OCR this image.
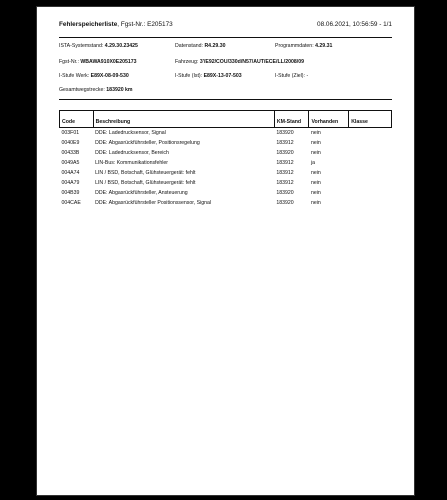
Fehlerspeicherliste, Fgst-Nr.: E205173	08.06.2021, 10:56:59 - 1/1
ISTA-Systemstand: 4.29.30.23425	Datenstand: R4.29.30	Programmdaten: 4.29.31
Fgst-Nr.: WBAWA910X0E205173	Fahrzeug: 3'/E92/COU/330d/N57/AUT/ECE/LL/2008/09
I-Stufe Werk: E89X-08-09-530	I-Stufe (Ist): E89X-13-07-503	I-Stufe (Ziel): -
Gesamtwegstrecke: 183920 km
Code	Beschreibung	KM-Stand	Vorhanden	Klasse
003F01	DDE: Ladedrucksensor, Signal	183920	nein	
0040E9	DDE: Abgasrückführsteller, Positionsregelung	183912	nein	
00433B	DDE: Ladedrucksensor, Bereich	183920	nein	
0049A5	LIN-Bus: Kommunikationsfehler	183912	ja	
004A74	LIN / BSD, Botschaft, Glühsteuergerät: fehlt	183912	nein	
004A79	LIN / BSD, Botschaft, Glühsteuergerät: fehlt	183912	nein	
004B39	DDE: Abgasrückführsteller, Ansteuerung	183920	nein	
004CAE	DDE: Abgasrückführsteller Positionssensor, Signal	183920	nein	
